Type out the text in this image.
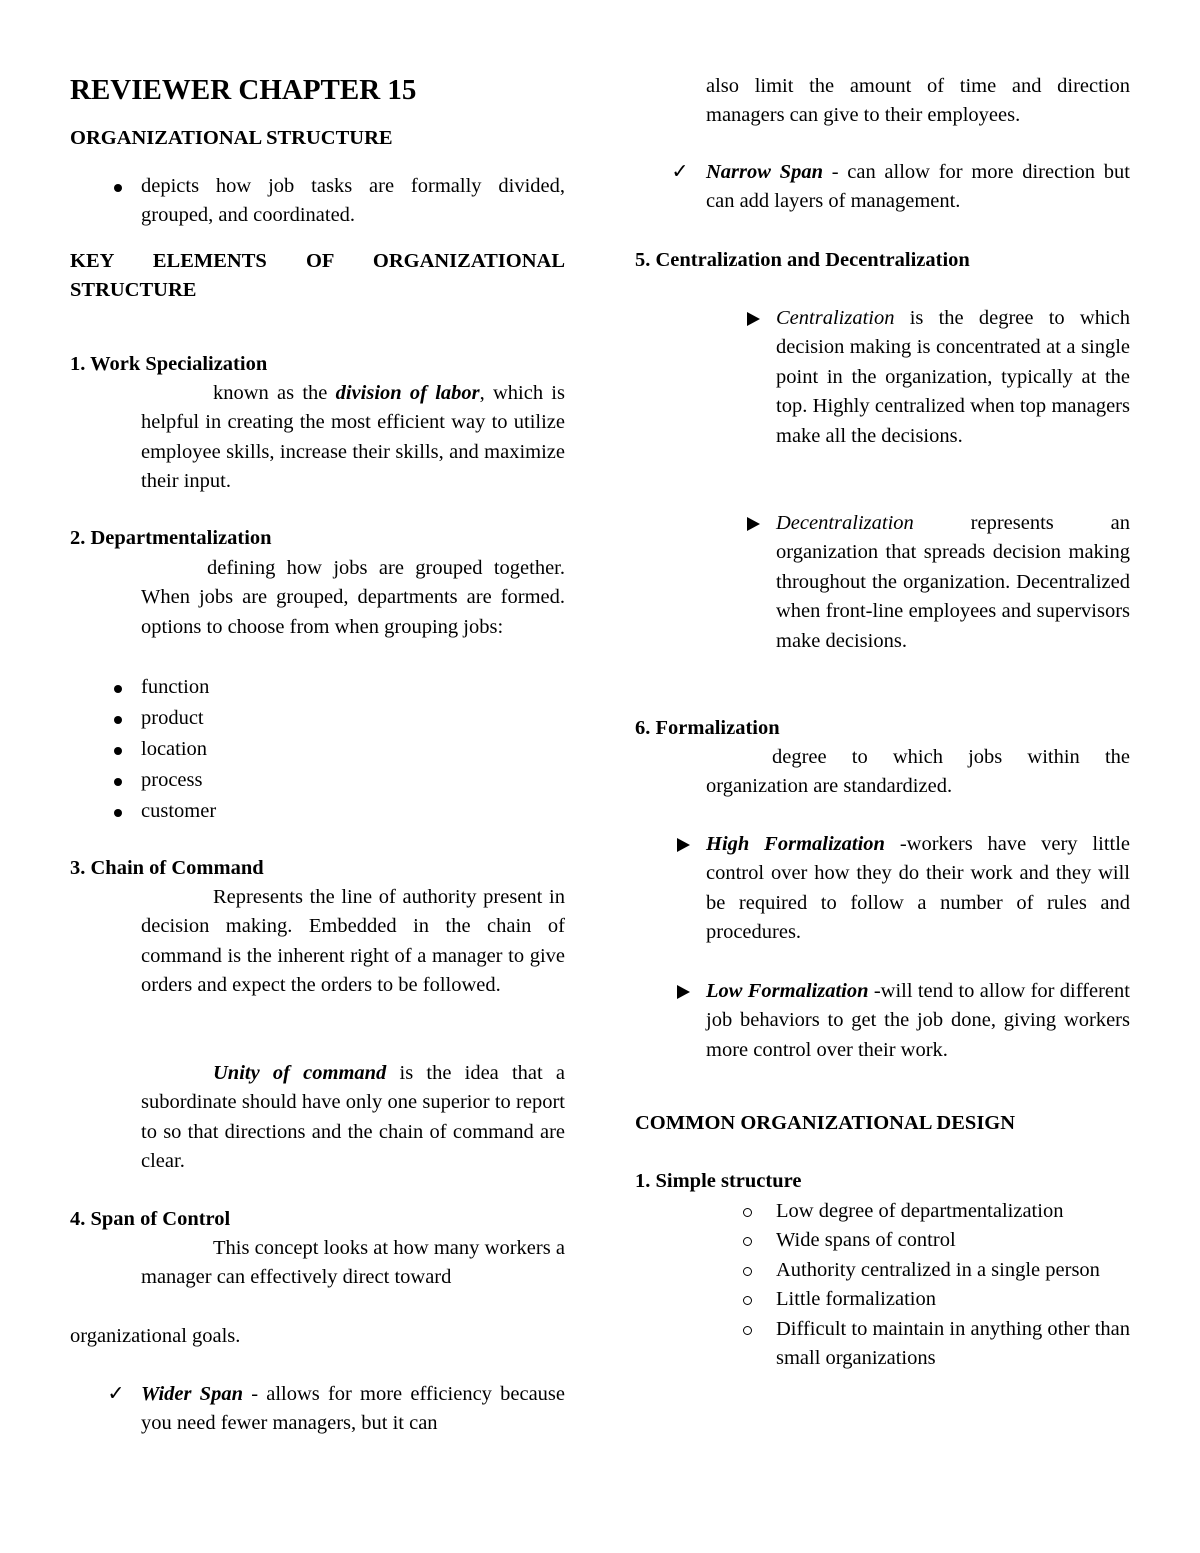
REVIEWER CHAPTER 15
ORGANIZATIONAL STRUCTURE
depicts how job tasks are formally divided, grouped, and coordinated.
KEY ELEMENTS OF ORGANIZATIONAL
STRUCTURE
1. Work Specialization
known as the division of labor, which is helpful in creating the most efficient way to utilize employee skills, increase their skills, and maximize their input.
2. Departmentalization
defining how jobs are grouped together. When jobs are grouped, departments are formed. options to choose from when grouping jobs:
function
product
location
process
customer
3. Chain of Command
Represents the line of authority present in decision making. Embedded in the chain of command is the inherent right of a manager to give orders and expect the orders to be followed.
Unity of command is the idea that a subordinate should have only one superior to report to so that directions and the chain of command are clear.
4. Span of Control
This concept looks at how many workers a manager can effectively direct toward
organizational goals.
✓ Wider Span - allows for more efficiency because you need fewer managers, but it can
also limit the amount of time and direction managers can give to their employees.
✓ Narrow Span - can allow for more direction but can add layers of management.
5. Centralization and Decentralization
Centralization is the degree to which decision making is concentrated at a single point in the organization, typically at the top. Highly centralized when top managers make all the decisions.
Decentralization represents an organization that spreads decision making throughout the organization. Decentralized when front-line employees and supervisors make decisions.
6. Formalization
degree to which jobs within the organization are standardized.
High Formalization -workers have very little control over how they do their work and they will be required to follow a number of rules and procedures.
Low Formalization -will tend to allow for different job behaviors to get the job done, giving workers more control over their work.
COMMON ORGANIZATIONAL DESIGN
1. Simple structure
Low degree of departmentalization
Wide spans of control
Authority centralized in a single person
Little formalization
Difficult to maintain in anything other than small organizations
